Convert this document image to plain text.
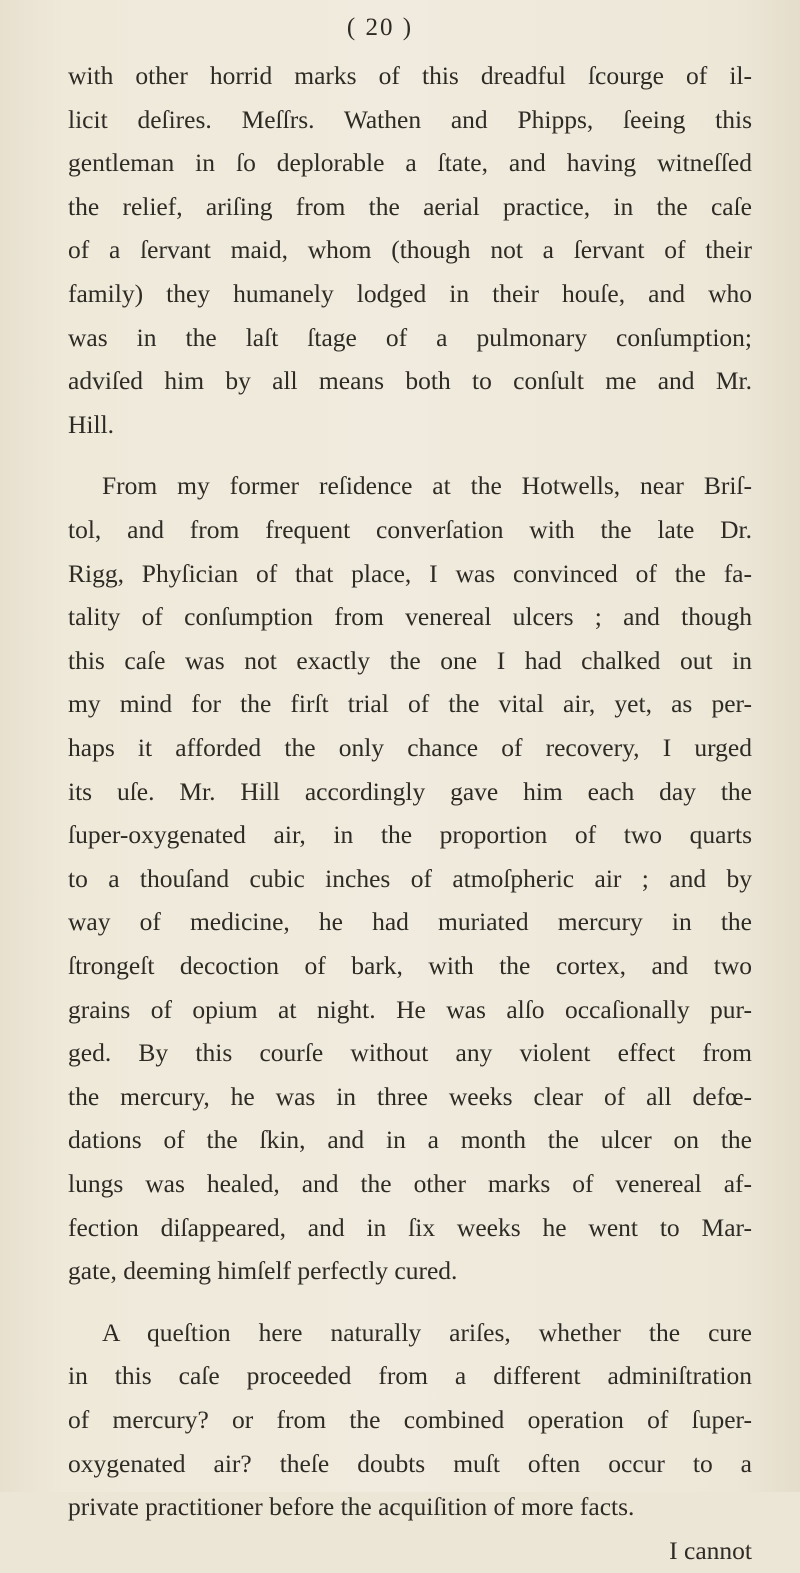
( 20 )
with other horrid marks of this dreadful ſcourge of il-
licit deſires. Meſſrs. Wathen and Phipps, ſeeing this
gentleman in ſo deplorable a ſtate, and having witneſſed
the relief, ariſing from the aerial practice, in the caſe
of a ſervant maid, whom (though not a ſervant of their
family) they humanely lodged in their houſe, and who
was in the laſt ſtage of a pulmonary conſumption;
adviſed him by all means both to conſult me and Mr.
Hill.
From my former reſidence at the Hotwells, near Briſ-
tol, and from frequent converſation with the late Dr.
Rigg, Phyſician of that place, I was convinced of the fa-
tality of conſumption from venereal ulcers ; and though
this caſe was not exactly the one I had chalked out in
my mind for the firſt trial of the vital air, yet, as per-
haps it afforded the only chance of recovery, I urged
its uſe. Mr. Hill accordingly gave him each day the
ſuper-oxygenated air, in the proportion of two quarts
to a thouſand cubic inches of atmoſpheric air ; and by
way of medicine, he had muriated mercury in the
ſtrongeſt decoction of bark, with the cortex, and two
grains of opium at night. He was alſo occaſionally pur-
ged. By this courſe without any violent effect from
the mercury, he was in three weeks clear of all defœ-
dations of the ſkin, and in a month the ulcer on the
lungs was healed, and the other marks of venereal af-
fection diſappeared, and in ſix weeks he went to Mar-
gate, deeming himſelf perfectly cured.
A queſtion here naturally ariſes, whether the cure
in this caſe proceeded from a different adminiſtration
of mercury? or from the combined operation of ſuper-
oxygenated air? theſe doubts muſt often occur to a
private practitioner before the acquiſition of more facts.
I cannot
